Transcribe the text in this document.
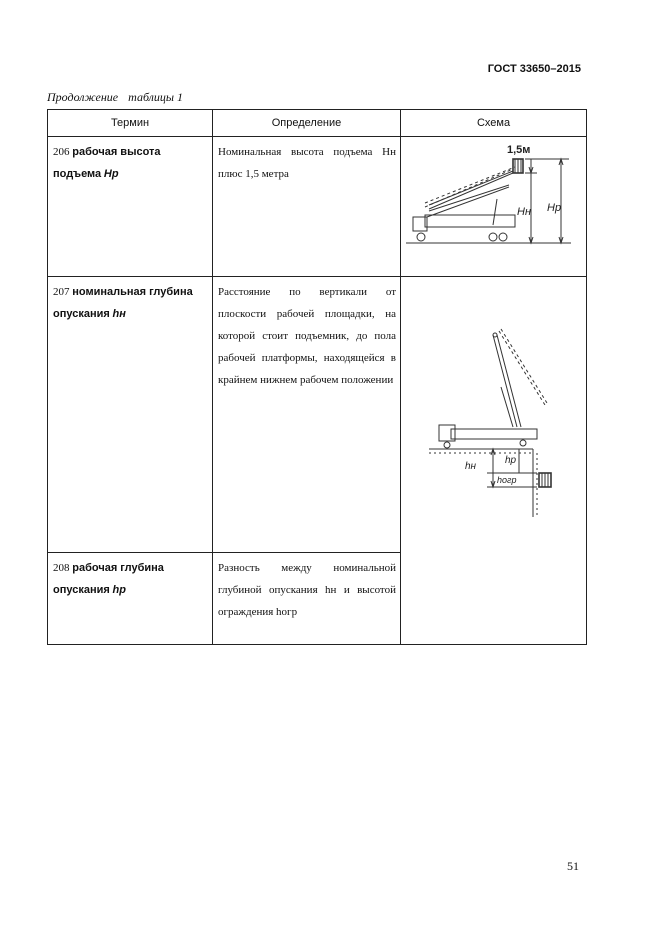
ГОСТ 33650–2015
Продолжение таблицы 1
Термин	Определение	Схема

206 рабочая высота подъема Hр	Номинальная высота подъема Hн плюс 1,5 метра	1,5м
Hн Hр

207 номинальная глубина опускания hн	Расстояние по вертикали от плоскости рабочей площадки, на которой стоит подъемник, до пола рабочей платформы, находящейся в крайнем нижнем рабочем положении	hн
hр
hогр

208 рабочая глубина опускания hр	Разность между номинальной глубиной опускания hн и высотой ограждения hогр	
51
